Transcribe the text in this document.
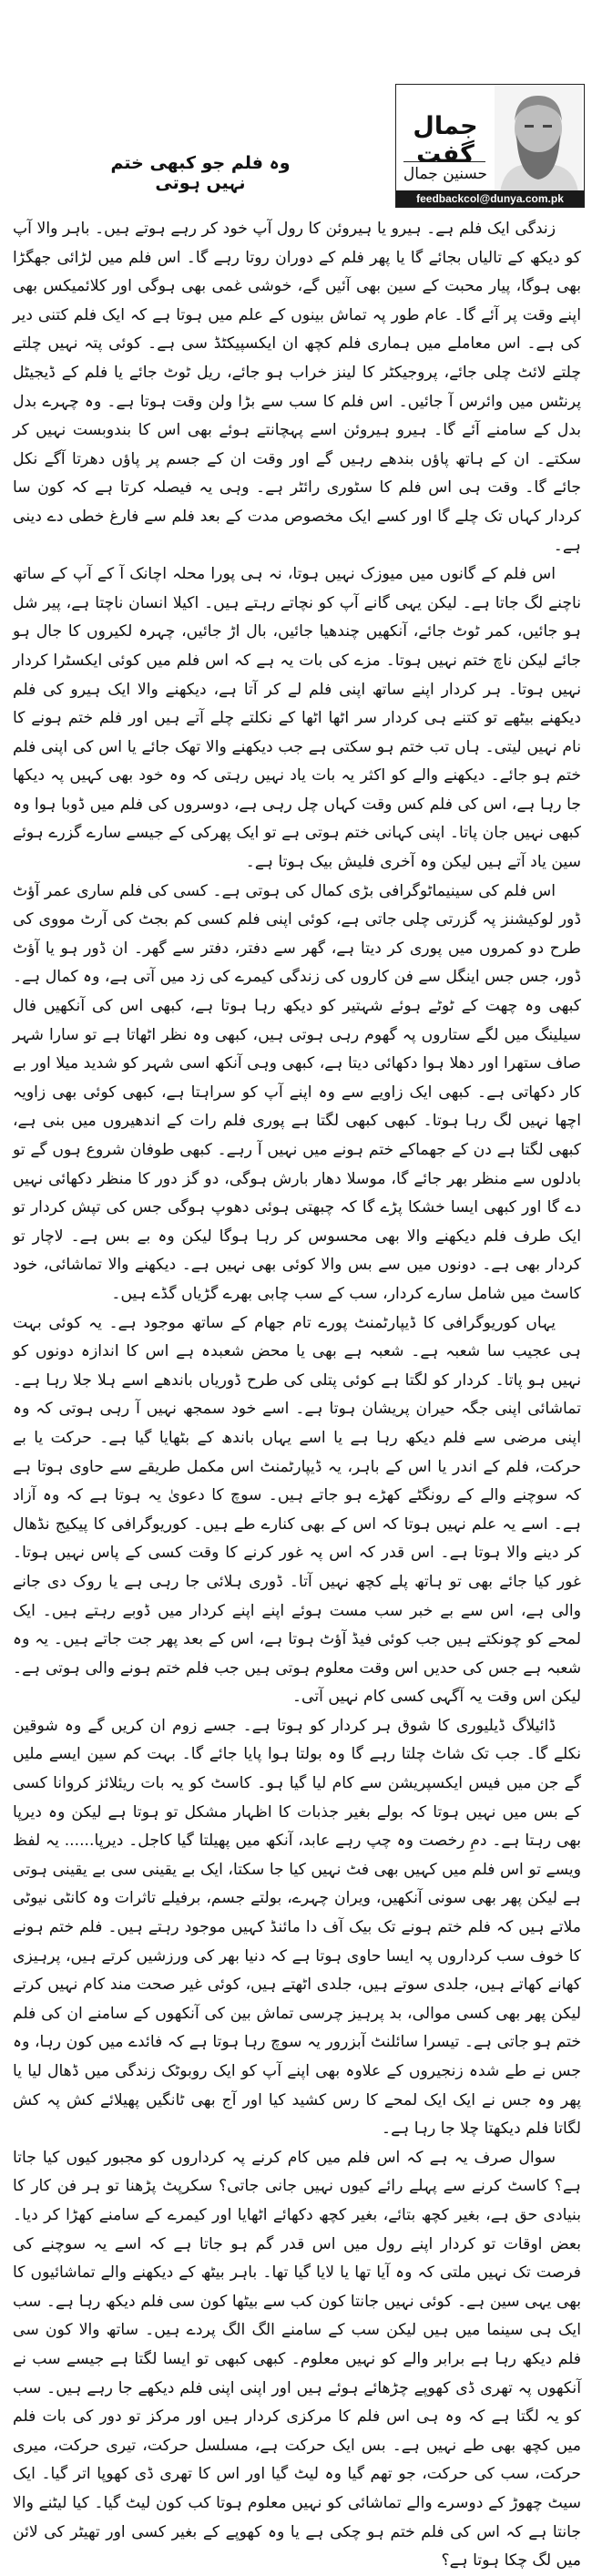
جمال گفت
حسنین جمال
feedbackcol@dunya.com.pk
وہ فلم جو کبھی ختم نہیں ہوتی

زندگی ایک فلم ہے۔ ہیرو یا ہیروئن کا رول آپ خود کر رہے ہوتے ہیں۔ باہر والا آپ کو دیکھ کے تالیاں بجائے گا یا پھر فلم کے دوران روتا رہے گا۔ اس فلم میں لڑائی جھگڑا بھی ہوگا، پیار محبت کے سین بھی آئیں گے، خوشی غمی بھی ہوگی اور کلائمیکس بھی اپنے وقت پر آئے گا۔ عام طور پہ تماش بینوں کے علم میں ہوتا ہے کہ ایک فلم کتنی دیر کی ہے۔ اس معاملے میں ہماری فلم کچھ ان ایکسپیکٹڈ سی ہے۔ کوئی پتہ نہیں چلتے چلتے لائٹ چلی جائے، پروجیکٹر کا لینز خراب ہو جائے، ریل ٹوٹ جائے یا فلم کے ڈیجیٹل پرنٹس میں وائرس آ جائیں۔ اس فلم کا سب سے بڑا ولن وقت ہوتا ہے۔ وہ چہرے بدل بدل کے سامنے آئے گا۔ ہیرو ہیروئن اسے پہچانتے ہوئے بھی اس کا بندوبست نہیں کر سکتے۔ ان کے ہاتھ پاؤں بندھے رہیں گے اور وقت ان کے جسم پر پاؤں دھرتا آگے نکل جائے گا۔ وقت ہی اس فلم کا سٹوری رائٹر ہے۔ وہی یہ فیصلہ کرتا ہے کہ کون سا کردار کہاں تک چلے گا اور کسے ایک مخصوص مدت کے بعد فلم سے فارغ خطی دے دینی ہے۔

اس فلم کے گانوں میں میوزک نہیں ہوتا، نہ ہی پورا محلہ اچانک آ کے آپ کے ساتھ ناچنے لگ جاتا ہے۔ لیکن یہی گانے آپ کو نچاتے رہتے ہیں۔ اکیلا انسان ناچتا ہے، پیر شل ہو جائیں، کمر ٹوٹ جائے، آنکھیں چندھیا جائیں، بال اڑ جائیں، چہرہ لکیروں کا جال ہو جائے لیکن ناچ ختم نہیں ہوتا۔ مزے کی بات یہ ہے کہ اس فلم میں کوئی ایکسٹرا کردار نہیں ہوتا۔ ہر کردار اپنے ساتھ اپنی فلم لے کر آتا ہے، دیکھنے والا ایک ہیرو کی فلم دیکھنے بیٹھے تو کتنے ہی کردار سر اٹھا اٹھا کے نکلتے چلے آتے ہیں اور فلم ختم ہونے کا نام نہیں لیتی۔ ہاں تب ختم ہو سکتی ہے جب دیکھنے والا تھک جائے یا اس کی اپنی فلم ختم ہو جائے۔ دیکھنے والے کو اکثر یہ بات یاد نہیں رہتی کہ وہ خود بھی کہیں پہ دیکھا جا رہا ہے، اس کی فلم کس وقت کہاں چل رہی ہے، دوسروں کی فلم میں ڈوبا ہوا وہ کبھی نہیں جان پاتا۔ اپنی کہانی ختم ہوتی ہے تو ایک پھرکی کے جیسے سارے گزرے ہوئے سین یاد آتے ہیں لیکن وہ آخری فلیش بیک ہوتا ہے۔

اس فلم کی سینیماٹوگرافی بڑی کمال کی ہوتی ہے۔ کسی کی فلم ساری عمر آؤٹ ڈور لوکیشنز پہ گزرتی چلی جاتی ہے، کوئی اپنی فلم کسی کم بجٹ کی آرٹ مووی کی طرح دو کمروں میں پوری کر دیتا ہے، گھر سے دفتر، دفتر سے گھر۔ ان ڈور ہو یا آؤٹ ڈور، جس جس اینگل سے فن کاروں کی زندگی کیمرے کی زد میں آتی ہے، وہ کمال ہے۔ کبھی وہ چھت کے ٹوٹے ہوئے شہتیر کو دیکھ رہا ہوتا ہے، کبھی اس کی آنکھیں فال سیلینگ میں لگے ستاروں پہ گھوم رہی ہوتی ہیں، کبھی وہ نظر اٹھاتا ہے تو سارا شہر صاف ستھرا اور دھلا ہوا دکھائی دیتا ہے، کبھی وہی آنکھ اسی شہر کو شدید میلا اور بے کار دکھاتی ہے۔ کبھی ایک زاویے سے وہ اپنے آپ کو سراہتا ہے، کبھی کوئی بھی زاویہ اچھا نہیں لگ رہا ہوتا۔ کبھی کبھی لگتا ہے پوری فلم رات کے اندھیروں میں بنی ہے، کبھی لگتا ہے دن کے جھماکے ختم ہونے میں نہیں آ رہے۔ کبھی طوفان شروع ہوں گے تو بادلوں سے منظر بھر جائے گا، موسلا دھار بارش ہوگی، دو گز دور کا منظر دکھائی نہیں دے گا اور کبھی ایسا خشکا پڑے گا کہ چبھتی ہوئی دھوپ ہوگی جس کی تپش کردار تو ایک طرف فلم دیکھنے والا بھی محسوس کر رہا ہوگا لیکن وہ بے بس ہے۔ لاچار تو کردار بھی ہے۔ دونوں میں سے بس والا کوئی بھی نہیں ہے۔ دیکھنے والا تماشائی، خود کاسٹ میں شامل سارے کردار، سب کے سب چابی بھرے گڑیاں گڈے ہیں۔

یہاں کوریوگرافی کا ڈیپارٹمنٹ پورے تام جھام کے ساتھ موجود ہے۔ یہ کوئی بہت ہی عجیب سا شعبہ ہے۔ شعبہ ہے بھی یا محض شعبدہ ہے اس کا اندازہ دونوں کو نہیں ہو پاتا۔ کردار کو لگتا ہے کوئی پتلی کی طرح ڈوریاں باندھے اسے ہلا جلا رہا ہے۔ تماشائی اپنی جگہ حیران پریشان ہوتا ہے۔ اسے خود سمجھ نہیں آ رہی ہوتی کہ وہ اپنی مرضی سے فلم دیکھ رہا ہے یا اسے یہاں باندھ کے بٹھایا گیا ہے۔ حرکت یا بے حرکت، فلم کے اندر یا اس کے باہر، یہ ڈیپارٹمنٹ اس مکمل طریقے سے حاوی ہوتا ہے کہ سوچنے والے کے رونگٹے کھڑے ہو جاتے ہیں۔ سوچ کا دعویٰ یہ ہوتا ہے کہ وہ آزاد ہے۔ اسے یہ علم نہیں ہوتا کہ اس کے بھی کنارے طے ہیں۔ کوریوگرافی کا پیکیج نڈھال کر دینے والا ہوتا ہے۔ اس قدر کہ اس پہ غور کرنے کا وقت کسی کے پاس نہیں ہوتا۔ غور کیا جائے بھی تو ہاتھ پلے کچھ نہیں آتا۔ ڈوری ہلائی جا رہی ہے یا روک دی جانے والی ہے، اس سے بے خبر سب مست ہوئے اپنے اپنے کردار میں ڈوبے رہتے ہیں۔ ایک لمحے کو چونکتے ہیں جب کوئی فیڈ آؤٹ ہوتا ہے، اس کے بعد پھر جت جاتے ہیں۔ یہ وہ شعبہ ہے جس کی حدیں اس وقت معلوم ہوتی ہیں جب فلم ختم ہونے والی ہوتی ہے۔ لیکن اس وقت یہ آگہی کسی کام نہیں آتی۔

ڈائیلاگ ڈیلیوری کا شوق ہر کردار کو ہوتا ہے۔ جسے زوم ان کریں گے وہ شوقین نکلے گا۔ جب تک شاٹ چلتا رہے گا وہ بولتا ہوا پایا جائے گا۔ بہت کم سین ایسے ملیں گے جن میں فیس ایکسپریشن سے کام لیا گیا ہو۔ کاسٹ کو یہ بات ریئلائز کروانا کسی کے بس میں نہیں ہوتا کہ بولے بغیر جذبات کا اظہار مشکل تو ہوتا ہے لیکن وہ دیرپا بھی رہتا ہے۔ دمِ رخصت وہ چپ رہے عابد، آنکھ میں پھیلتا گیا کاجل۔ دیرپا...... یہ لفظ ویسے تو اس فلم میں کہیں بھی فٹ نہیں کیا جا سکتا، ایک بے یقینی سی بے یقینی ہوتی ہے لیکن پھر بھی سونی آنکھیں، ویران چہرے، بولتے جسم، برفیلے تاثرات وہ کانٹی نیوٹی ملاتے ہیں کہ فلم ختم ہونے تک بیک آف دا مائنڈ کہیں موجود رہتے ہیں۔ فلم ختم ہونے کا خوف سب کرداروں پہ ایسا حاوی ہوتا ہے کہ دنیا بھر کی ورزشیں کرتے ہیں، پرہیزی کھانے کھاتے ہیں، جلدی سوتے ہیں، جلدی اٹھتے ہیں، کوئی غیر صحت مند کام نہیں کرتے لیکن پھر بھی کسی موالی، بد پرہیز چرسی تماش بین کی آنکھوں کے سامنے ان کی فلم ختم ہو جاتی ہے۔ تیسرا سائلنٹ آبزرور یہ سوچ رہا ہوتا ہے کہ فائدے میں کون رہا، وہ جس نے طے شدہ زنجیروں کے علاوہ بھی اپنے آپ کو ایک روبوٹک زندگی میں ڈھال لیا یا پھر وہ جس نے ایک ایک لمحے کا رس کشید کیا اور آج بھی ٹانگیں پھیلائے کش پہ کش لگاتا فلم دیکھتا چلا جا رہا ہے۔

سوال صرف یہ ہے کہ اس فلم میں کام کرنے پہ کرداروں کو مجبور کیوں کیا جاتا ہے؟ کاسٹ کرنے سے پہلے رائے کیوں نہیں جانی جاتی؟ سکرپٹ پڑھنا تو ہر فن کار کا بنیادی حق ہے، بغیر کچھ بتائے، بغیر کچھ دکھائے اٹھایا اور کیمرے کے سامنے کھڑا کر دیا۔ بعض اوقات تو کردار اپنے رول میں اس قدر گم ہو جاتا ہے کہ اسے یہ سوچنے کی فرصت تک نہیں ملتی کہ وہ آیا تھا یا لایا گیا تھا۔ باہر بیٹھ کے دیکھنے والے تماشائیوں کا بھی یہی سین ہے۔ کوئی نہیں جانتا کون کب سے بیٹھا کون سی فلم دیکھ رہا ہے۔ سب ایک ہی سینما میں ہیں لیکن سب کے سامنے الگ الگ پردے ہیں۔ ساتھ والا کون سی فلم دیکھ رہا ہے برابر والے کو نہیں معلوم۔ کبھی کبھی تو ایسا لگتا ہے جیسے سب نے آنکھوں پہ تھری ڈی کھوپے چڑھائے ہوئے ہیں اور اپنی اپنی فلم دیکھے جا رہے ہیں۔ سب کو یہ لگتا ہے کہ وہ ہی اس فلم کا مرکزی کردار ہیں اور مرکز تو دور کی بات فلم میں کچھ بھی طے نہیں ہے۔ بس ایک حرکت ہے، مسلسل حرکت، تیری حرکت، میری حرکت، سب کی حرکت، جو تھم گیا وہ لیٹ گیا اور اس کا تھری ڈی کھوپا اتر گیا۔ ایک سیٹ چھوڑ کے دوسرے والے تماشائی کو نہیں معلوم ہوتا کب کون لیٹ گیا۔ کیا لیٹنے والا جانتا ہے کہ اس کی فلم ختم ہو چکی ہے یا وہ کھوپے کے بغیر کسی اور تھیٹر کی لائن میں لگ چکا ہوتا ہے؟
